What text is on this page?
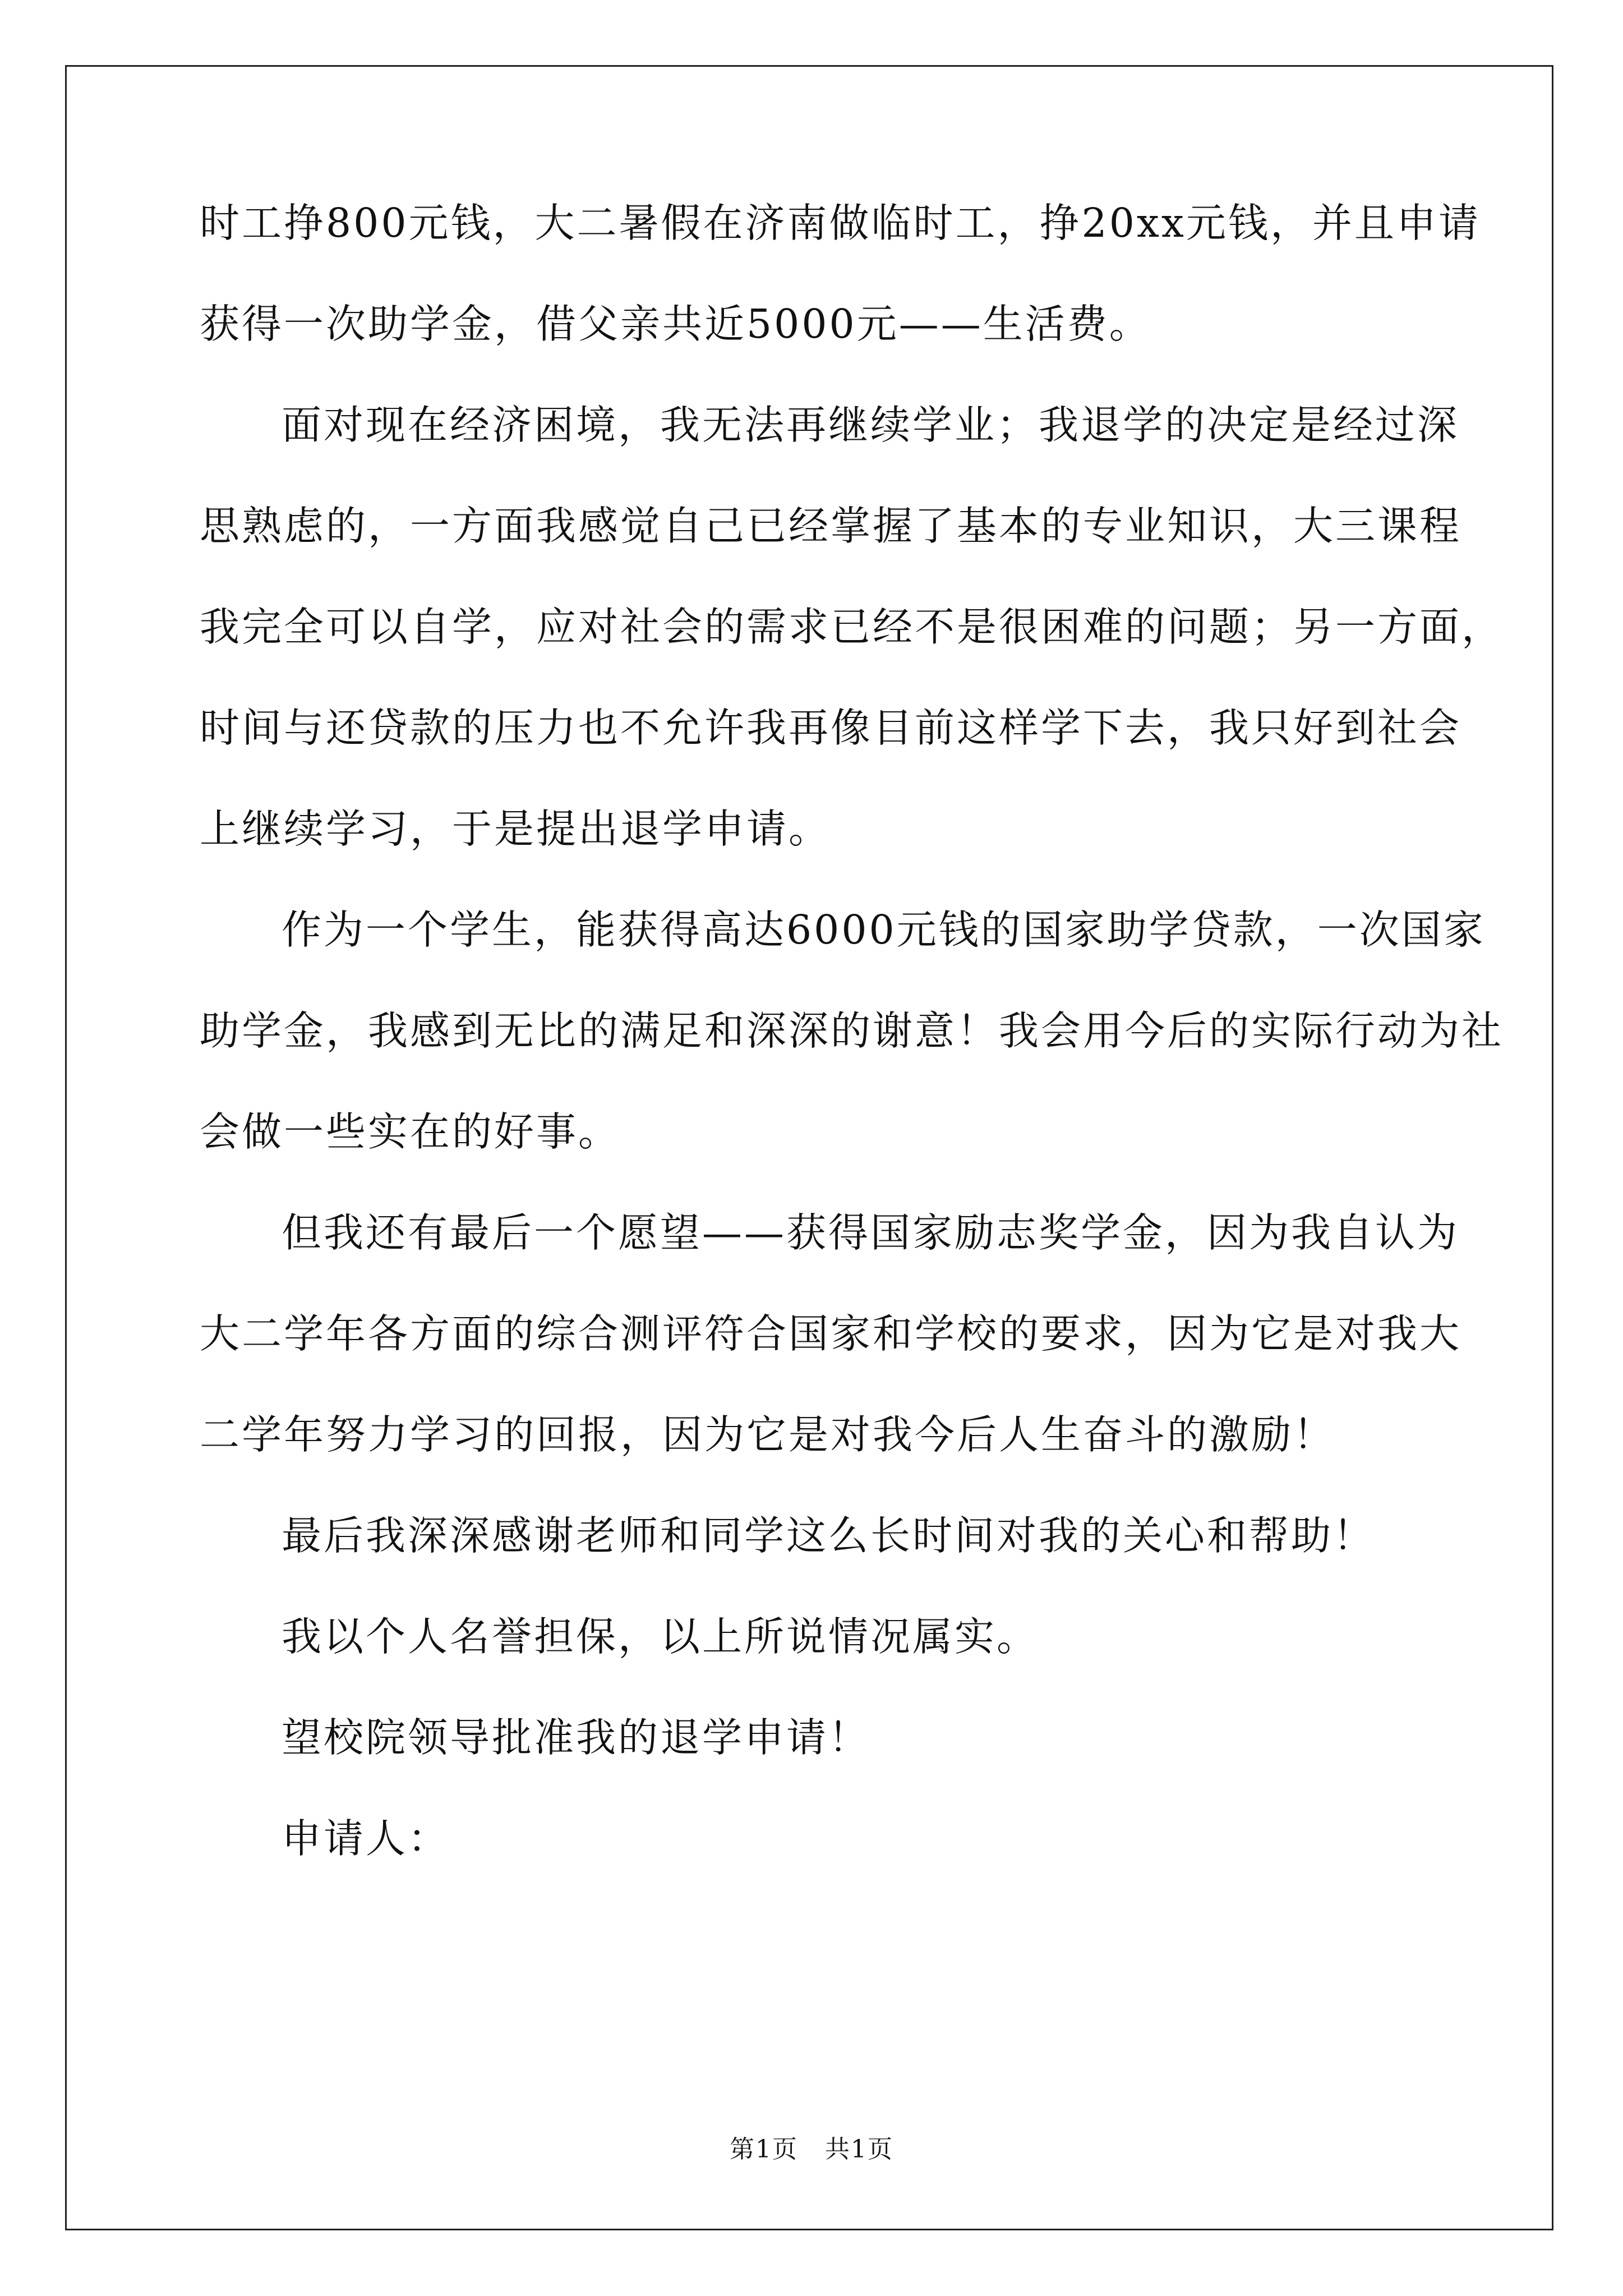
时工挣800元钱，大二暑假在济南做临时工，挣20xx元钱，并且申请

获得一次助学金，借父亲共近5000元——生活费。

面对现在经济困境，我无法再继续学业；我退学的决定是经过深

思熟虑的，一方面我感觉自己已经掌握了基本的专业知识，大三课程

我完全可以自学，应对社会的需求已经不是很困难的问题；另一方面，

时间与还贷款的压力也不允许我再像目前这样学下去，我只好到社会

上继续学习，于是提出退学申请。

作为一个学生，能获得高达6000元钱的国家助学贷款，一次国家

助学金，我感到无比的满足和深深的谢意！我会用今后的实际行动为社

会做一些实在的好事。

但我还有最后一个愿望——获得国家励志奖学金，因为我自认为

大二学年各方面的综合测评符合国家和学校的要求，因为它是对我大

二学年努力学习的回报，因为它是对我今后人生奋斗的激励！

最后我深深感谢老师和同学这么长时间对我的关心和帮助！

我以个人名誉担保，以上所说情况属实。

望校院领导批准我的退学申请！

申请人：

第1页   共1页
